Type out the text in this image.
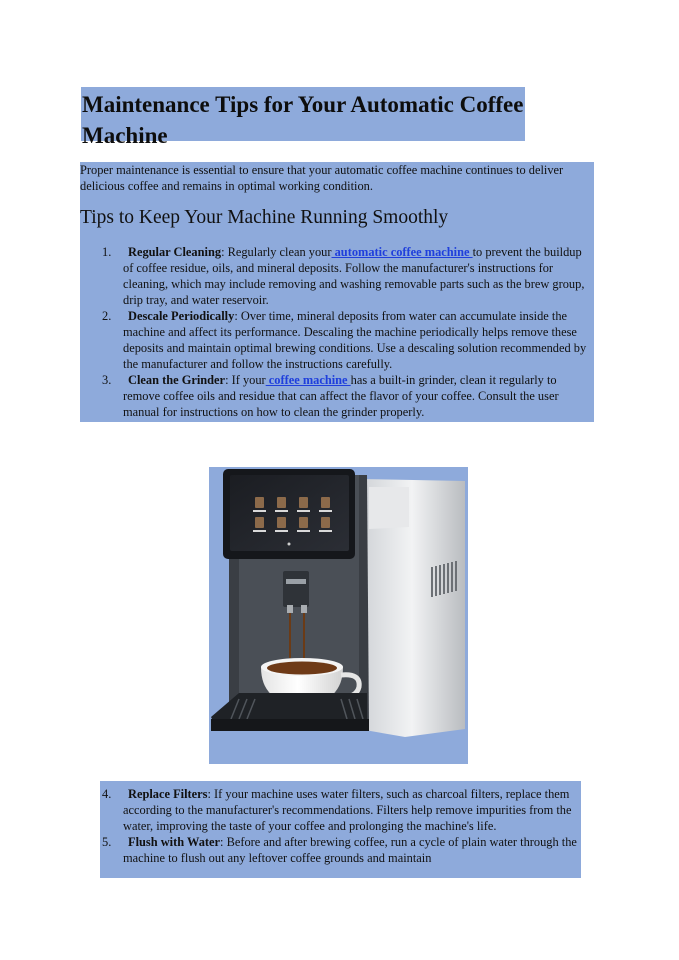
Maintenance Tips for Your Automatic Coffee Machine

Proper maintenance is essential to ensure that your automatic coffee machine continues to deliver delicious coffee and remains in optimal working condition.

Tips to Keep Your Machine Running Smoothly
1. Regular Cleaning: Regularly clean your automatic coffee machine to prevent the buildup of coffee residue, oils, and mineral deposits. Follow the manufacturer's instructions for cleaning, which may include removing and washing removable parts such as the brew group, drip tray, and water reservoir.
2. Descale Periodically: Over time, mineral deposits from water can accumulate inside the machine and affect its performance. Descaling the machine periodically helps remove these deposits and maintain optimal brewing conditions. Use a descaling solution recommended by the manufacturer and follow the instructions carefully.
3. Clean the Grinder: If your coffee machine has a built-in grinder, clean it regularly to remove coffee oils and residue that can affect the flavor of your coffee. Consult the user manual for instructions on how to clean the grinder properly.
4. Replace Filters: If your machine uses water filters, such as charcoal filters, replace them according to the manufacturer's recommendations. Filters help remove impurities from the water, improving the taste of your coffee and prolonging the machine's life.
5. Flush with Water: Before and after brewing coffee, run a cycle of plain water through the machine to flush out any leftover coffee grounds and maintain
